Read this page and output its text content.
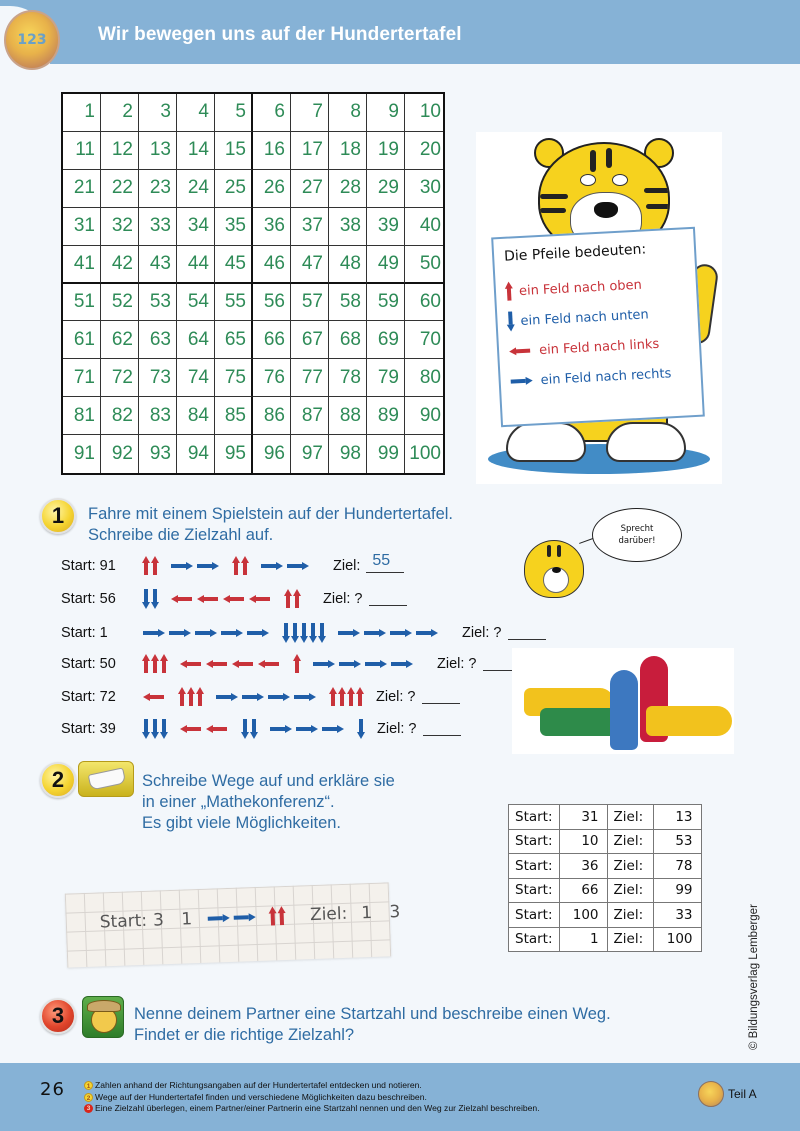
Wir bewegen uns auf der Hundertertafel
123
1	2	3	4	5	6	7	8	9	10
11 12 13 14 15 16 17 18 19	20
21 22 23 24 25 26 27 28 29	30
31 32 33 34 35 36 37 38 39	40
41 42 43 44 45 46 47 48 49	50
51 52 53 54 55 56 57 58 59	60
61 62 63 64 65 66 67 68 69	70
71 72 73 74 75 76 77 78 79	80
81 82 83 84 85 86 87 88 89	90
91 92 93 94 95 96 97 98 99 100
Die Pfeile bedeuten:
ein Feld nach oben
ein Feld nach unten
ein Feld nach links
ein Feld nach rechts
1 Fahre mit einem Spielstein auf der Hundertertafel.
Schreibe die Zielzahl auf.	Sprecht
darüber!
Start: 91	Ziel: 55
Start: 56	Ziel: ?
Start: 1	Ziel: ?
Start: 50	Ziel: ?
Start: 72	Ziel: ?
Start: 39	Ziel: ?
2	Schreibe Wege auf und erkläre sie
in einer „Mathekonferenz“.
Es gibt viele Möglichkeiten.	Start:	31	Ziel:	13
Start:	10	Ziel:	53
Start:	36	Ziel:	78
Start:	66	Ziel:	99
Start:	100	Ziel:	33
Start:	1	Ziel:	100
Start: 3 1	Ziel: 1 3	© Bildungsverlag Lemberger
3	Nenne deinem Partner eine Startzahl und beschreibe einen Weg.
Findet er die richtige Zielzahl?
26	1 Zahlen anhand der Richtungsangaben auf der Hundertertafel entdecken und notieren.
2 Wege auf der Hundertertafel finden und verschiedene Möglichkeiten dazu beschreiben.
3 Eine Zielzahl überlegen, einem Partner/einer Partnerin eine Startzahl nennen und den Weg zur Zielzahl beschreiben.
Teil A
